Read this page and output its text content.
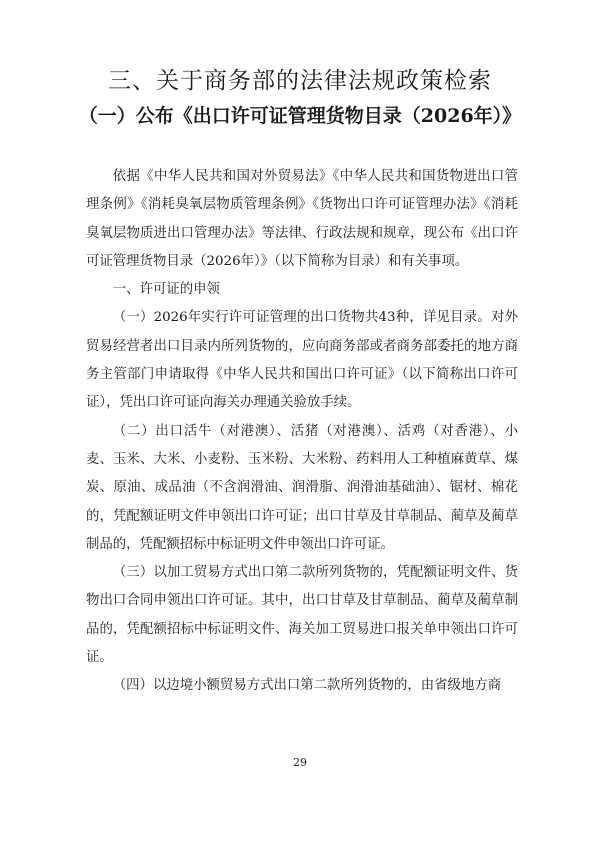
三、关于商务部的法律法规政策检索
（一）公布《出口许可证管理货物目录（2026年）》

依据《中华人民共和国对外贸易法》《中华人民共和国货物进出口管理条例》《消耗臭氧层物质管理条例》《货物出口许可证管理办法》《消耗臭氧层物质进出口管理办法》等法律、行政法规和规章，现公布《出口许可证管理货物目录（2026年）》（以下简称为目录）和有关事项。

一、许可证的申领

（一）2026年实行许可证管理的出口货物共43种，详见目录。对外贸易经营者出口目录内所列货物的，应向商务部或者商务部委托的地方商务主管部门申请取得《中华人民共和国出口许可证》（以下简称出口许可证），凭出口许可证向海关办理通关验放手续。

（二）出口活牛（对港澳）、活猪（对港澳）、活鸡（对香港）、小麦、玉米、大米、小麦粉、玉米粉、大米粉、药料用人工种植麻黄草、煤炭、原油、成品油（不含润滑油、润滑脂、润滑油基础油）、锯材、棉花的，凭配额证明文件申领出口许可证；出口甘草及甘草制品、蔺草及蔺草制品的，凭配额招标中标证明文件申领出口许可证。

（三）以加工贸易方式出口第二款所列货物的，凭配额证明文件、货物出口合同申领出口许可证。其中，出口甘草及甘草制品、蔺草及蔺草制品的，凭配额招标中标证明文件、海关加工贸易进口报关单申领出口许可证。

（四）以边境小额贸易方式出口第二款所列货物的，由省级地方商

29
